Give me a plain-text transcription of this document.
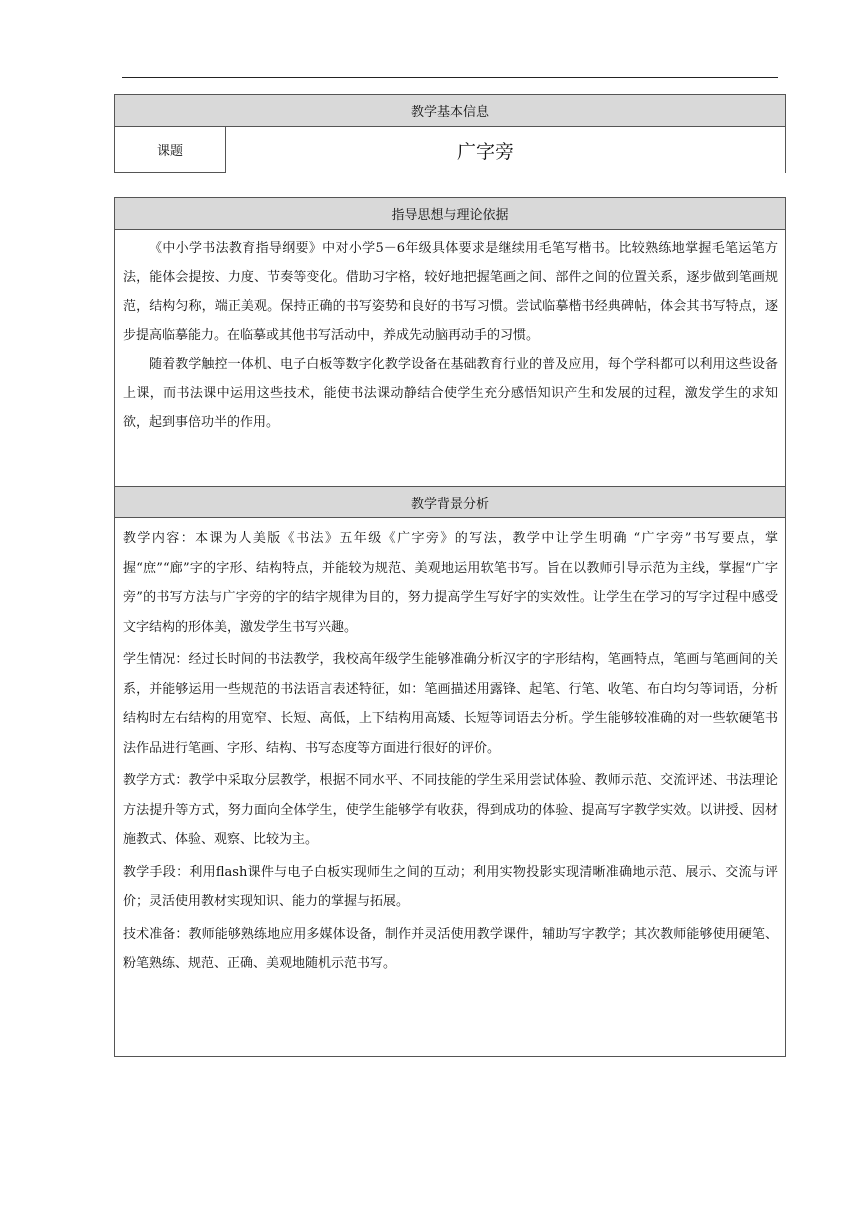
教学基本信息
课题	广字旁
指导思想与理论依据

《中小学书法教育指导纲要》中对小学5－6年级具体要求是继续用毛笔写楷书。比较熟练地掌握毛笔运笔方法，能体会提按、力度、节奏等变化。借助习字格，较好地把握笔画之间、部件之间的位置关系，逐步做到笔画规范，结构匀称，端正美观。保持正确的书写姿势和良好的书写习惯。尝试临摹楷书经典碑帖，体会其书写特点，逐步提高临摹能力。在临摹或其他书写活动中，养成先动脑再动手的习惯。

随着教学触控一体机、电子白板等数字化教学设备在基础教育行业的普及应用，每个学科都可以利用这些设备上课，而书法课中运用这些技术，能使书法课动静结合使学生充分感悟知识产生和发展的过程，激发学生的求知欲，起到事倍功半的作用。

教学背景分析

教学内容：本课为人美版《书法》五年级《广字旁》的写法，教学中让学生明确 “广字旁”书写要点，掌握“庶”“廊”字的字形、结构特点，并能较为规范、美观地运用软笔书写。旨在以教师引导示范为主线，掌握“广字旁”的书写方法与广字旁的字的结字规律为目的，努力提高学生写好字的实效性。让学生在学习的写字过程中感受文字结构的形体美，激发学生书写兴趣。

学生情况：经过长时间的书法教学，我校高年级学生能够准确分析汉字的字形结构，笔画特点，笔画与笔画间的关系，并能够运用一些规范的书法语言表述特征，如：笔画描述用露锋、起笔、行笔、收笔、布白均匀等词语，分析结构时左右结构的用宽窄、长短、高低，上下结构用高矮、长短等词语去分析。学生能够较准确的对一些软硬笔书法作品进行笔画、字形、结构、书写态度等方面进行很好的评价。

教学方式：教学中采取分层教学，根据不同水平、不同技能的学生采用尝试体验、教师示范、交流评述、书法理论方法提升等方式，努力面向全体学生，使学生能够学有收获，得到成功的体验、提高写字教学实效。以讲授、因材施教式、体验、观察、比较为主。

教学手段：利用flash课件与电子白板实现师生之间的互动；利用实物投影实现清晰准确地示范、展示、交流与评价；灵活使用教材实现知识、能力的掌握与拓展。

技术准备：教师能够熟练地应用多媒体设备，制作并灵活使用教学课件，辅助写字教学；其次教师能够使用硬笔、粉笔熟练、规范、正确、美观地随机示范书写。
